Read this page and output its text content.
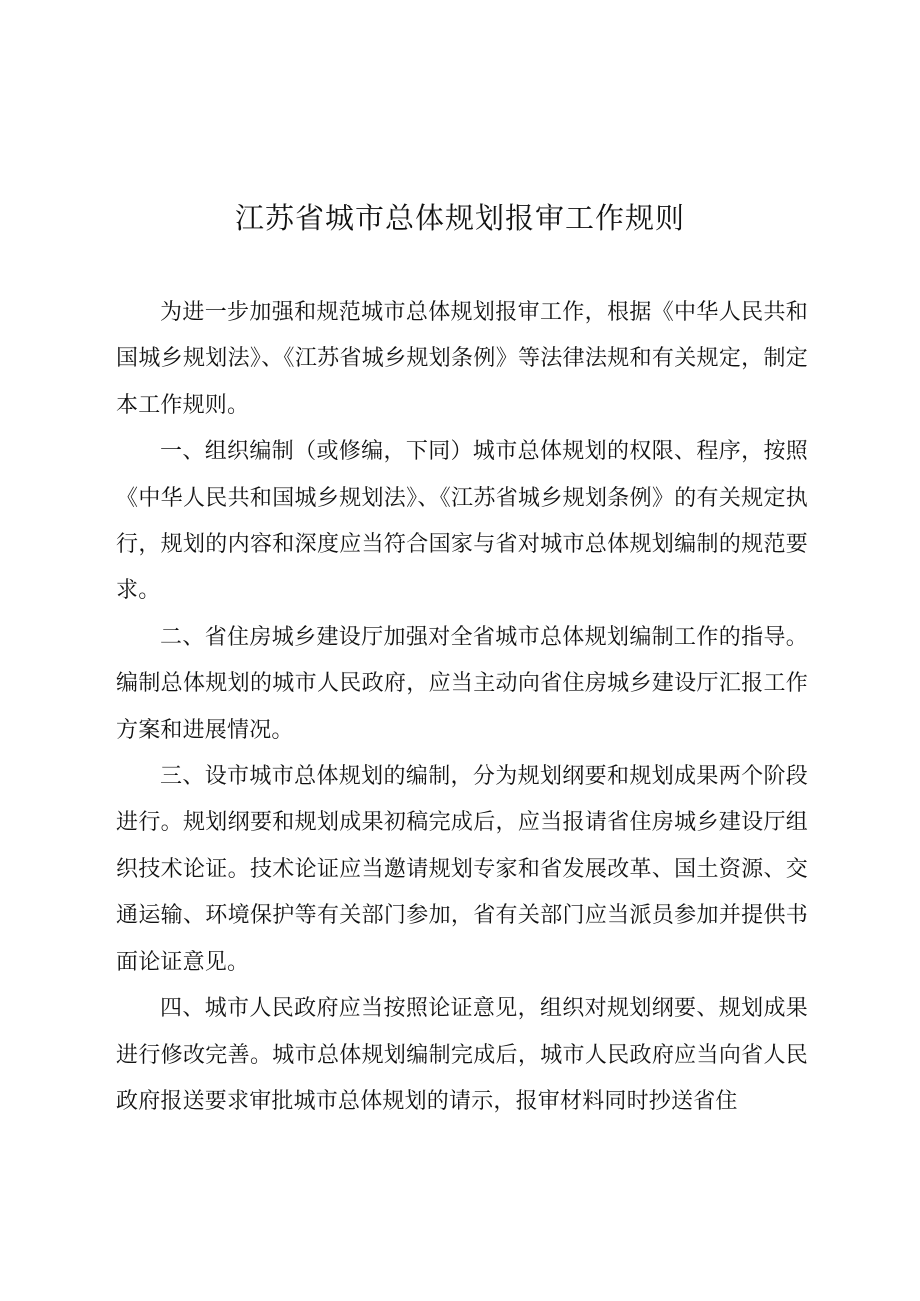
江苏省城市总体规划报审工作规则

为进一步加强和规范城市总体规划报审工作，根据《中华人民共和国城乡规划法》、《江苏省城乡规划条例》等法律法规和有关规定，制定本工作规则。

一、组织编制（或修编，下同）城市总体规划的权限、程序，按照《中华人民共和国城乡规划法》、《江苏省城乡规划条例》的有关规定执行，规划的内容和深度应当符合国家与省对城市总体规划编制的规范要求。

二、省住房城乡建设厅加强对全省城市总体规划编制工作的指导。编制总体规划的城市人民政府，应当主动向省住房城乡建设厅汇报工作方案和进展情况。

三、设市城市总体规划的编制，分为规划纲要和规划成果两个阶段进行。规划纲要和规划成果初稿完成后，应当报请省住房城乡建设厅组织技术论证。技术论证应当邀请规划专家和省发展改革、国土资源、交通运输、环境保护等有关部门参加，省有关部门应当派员参加并提供书面论证意见。

四、城市人民政府应当按照论证意见，组织对规划纲要、规划成果进行修改完善。城市总体规划编制完成后，城市人民政府应当向省人民政府报送要求审批城市总体规划的请示，报审材料同时抄送省住
